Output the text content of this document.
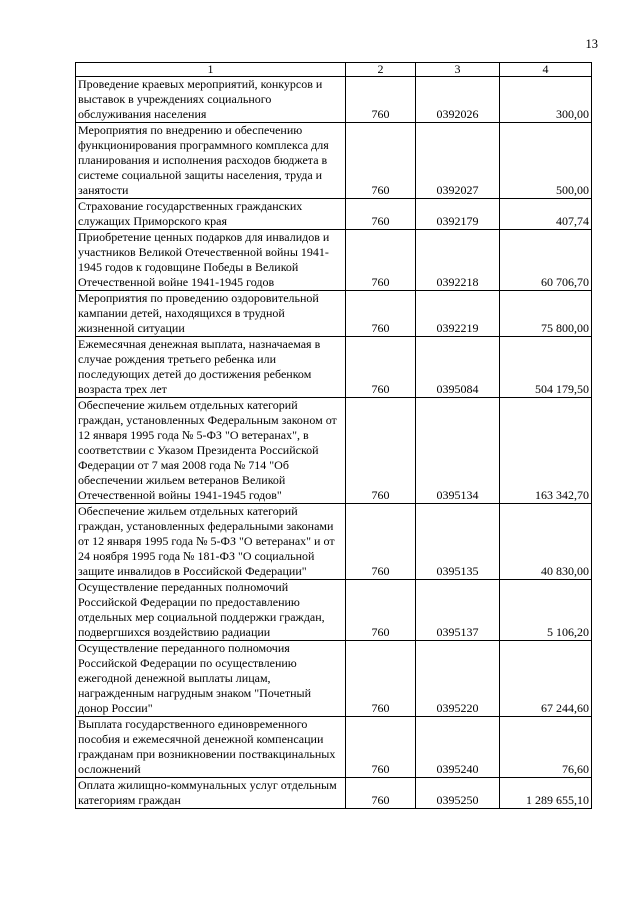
13
1	2	3	4
Проведение краевых мероприятий, конкурсов и выставок в учреждениях социального обслуживания населения	760	0392026	300,00
Мероприятия по внедрению и обеспечению функционирования программного комплекса для планирования и исполнения расходов бюджета в системе социальной защиты населения, труда и занятости	760	0392027	500,00
Страхование государственных гражданских служащих Приморского края	760	0392179	407,74
Приобретение ценных подарков для инвалидов и участников Великой Отечественной войны 1941-1945 годов к годовщине Победы в Великой Отечественной войне 1941-1945 годов	760	0392218	60 706,70
Мероприятия по проведению оздоровительной кампании детей, находящихся в трудной жизненной ситуации	760	0392219	75 800,00
Ежемесячная денежная выплата, назначаемая в случае рождения третьего ребенка или последующих детей до достижения ребенком возраста трех лет	760	0395084	504 179,50
Обеспечение жильем отдельных категорий граждан, установленных Федеральным законом от 12 января 1995 года № 5-ФЗ "О ветеранах", в соответствии с Указом Президента Российской Федерации от 7 мая 2008 года № 714 "Об обеспечении жильем ветеранов Великой Отечественной войны 1941-1945 годов"	760	0395134	163 342,70
Обеспечение жильем отдельных категорий граждан, установленных федеральными законами от 12 января 1995 года № 5-ФЗ "О ветеранах" и от 24 ноября 1995 года № 181-ФЗ "О социальной защите инвалидов в Российской Федерации"	760	0395135	40 830,00
Осуществление переданных полномочий Российской Федерации по предоставлению отдельных мер социальной поддержки граждан, подвергшихся воздействию радиации	760	0395137	5 106,20
Осуществление переданного полномочия Российской Федерации по осуществлению ежегодной денежной выплаты лицам, награжденным нагрудным знаком "Почетный донор России"	760	0395220	67 244,60
Выплата государственного единовременного пособия и ежемесячной денежной компенсации гражданам при возникновении поствакцинальных осложнений	760	0395240	76,60
Оплата жилищно-коммунальных услуг отдельным категориям граждан	760	0395250	1 289 655,10
